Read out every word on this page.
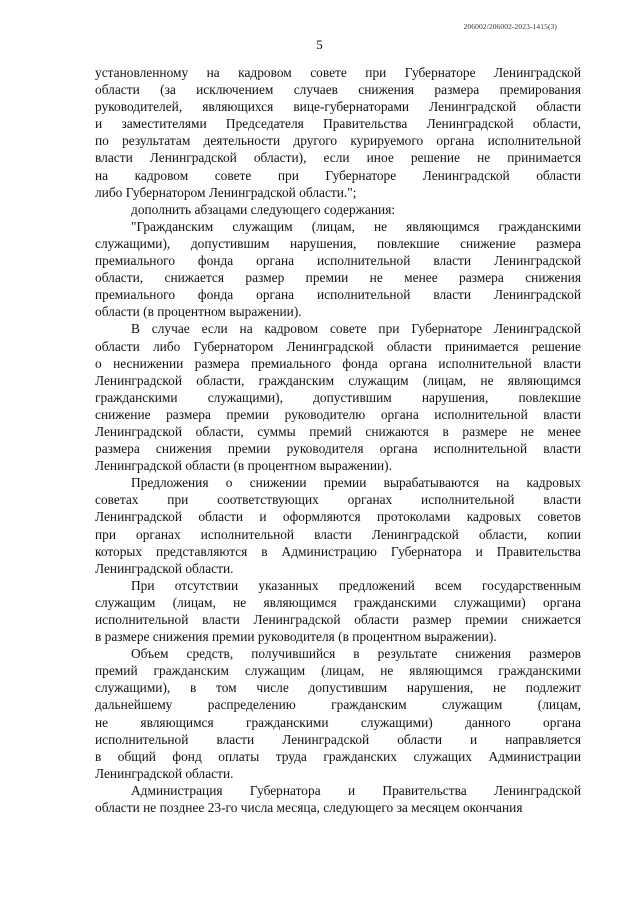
206002/206002-2023-1415(3)
5

установленному на кадровом совете при Губернаторе Ленинградской
области (за исключением случаев снижения размера премирования
руководителей, являющихся вице-губернаторами Ленинградской области
и заместителями Председателя Правительства Ленинградской области,
по результатам деятельности другого курируемого органа исполнительной
власти Ленинградской области), если иное решение не принимается
на кадровом совете при Губернаторе Ленинградской области
либо Губернатором Ленинградской области.";

дополнить абзацами следующего содержания:

"Гражданским служащим (лицам, не являющимся гражданскими
служащими), допустившим нарушения, повлекшие снижение размера
премиального фонда органа исполнительной власти Ленинградской
области, снижается размер премии не менее размера снижения
премиального фонда органа исполнительной власти Ленинградской
области (в процентном выражении).

В случае если на кадровом совете при Губернаторе Ленинградской
области либо Губернатором Ленинградской области принимается решение
о неснижении размера премиального фонда органа исполнительной власти
Ленинградской области, гражданским служащим (лицам, не являющимся
гражданскими служащими), допустившим нарушения, повлекшие
снижение размера премии руководителю органа исполнительной власти
Ленинградской области, суммы премий снижаются в размере не менее
размера снижения премии руководителя органа исполнительной власти
Ленинградской области (в процентном выражении).

Предложения о снижении премии вырабатываются на кадровых
советах при соответствующих органах исполнительной власти
Ленинградской области и оформляются протоколами кадровых советов
при органах исполнительной власти Ленинградской области, копии
которых представляются в Администрацию Губернатора и Правительства
Ленинградской области.

При отсутствии указанных предложений всем государственным
служащим (лицам, не являющимся гражданскими служащими) органа
исполнительной власти Ленинградской области размер премии снижается
в размере снижения премии руководителя (в процентном выражении).

Объем средств, получившийся в результате снижения размеров
премий гражданским служащим (лицам, не являющимся гражданскими
служащими), в том числе допустившим нарушения, не подлежит
дальнейшему распределению гражданским служащим (лицам,
не являющимся гражданскими служащими) данного органа
исполнительной власти Ленинградской области и направляется
в общий фонд оплаты труда гражданских служащих Администрации
Ленинградской области.

Администрация Губернатора и Правительства Ленинградской
области не позднее 23-го числа месяца, следующего за месяцем окончания
